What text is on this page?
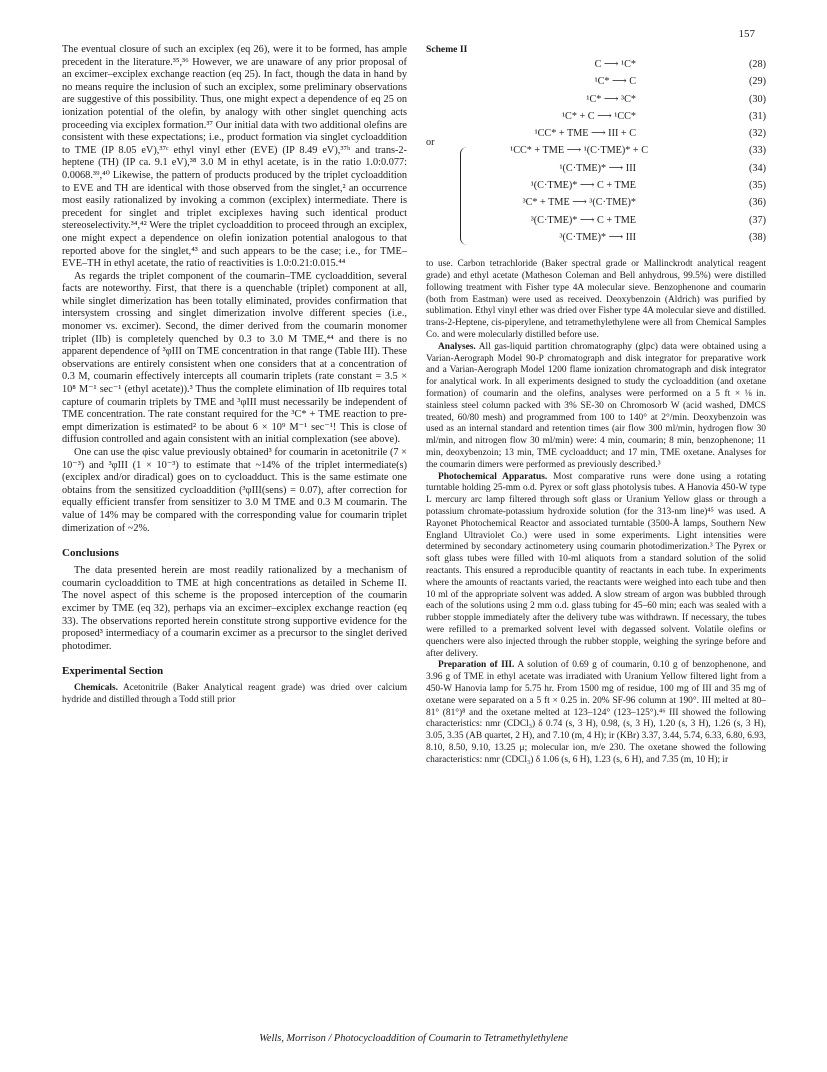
157

The eventual closure of such an exciplex (eq 26), were it to be formed, has ample precedent in the literature.³⁵,³⁶ However, we are unaware of any prior proposal of an excimer–exciplex exchange reaction (eq 25). In fact, though the data in hand by no means require the inclusion of such an exciplex, some preliminary observations are suggestive of this possibility. Thus, one might expect a dependence of eq 25 on ionization potential of the olefin, by analogy with other singlet quenching acts proceeding via exciplex formation.³⁷ Our initial data with two additional olefins are consistent with these expectations; i.e., product formation via singlet cycloaddition to TME (IP 8.05 eV),³⁷ᶜ ethyl vinyl ether (EVE) (IP 8.49 eV),³⁷ʰ and trans-2-heptene (TH) (IP ca. 9.1 eV),³⁸ 3.0 M in ethyl acetate, is in the ratio 1.0:0.077: 0.0068.³⁹,⁴⁰ Likewise, the pattern of products produced by the triplet cycloaddition to EVE and TH are identical with those observed from the singlet,² an occurrence most easily rationalized by invoking a common (exciplex) intermediate. There is precedent for singlet and triplet exciplexes having such identical product stereoselectivity.³⁴,⁴² Were the triplet cycloaddition to proceed through an exciplex, one might expect a dependence on olefin ionization potential analogous to that reported above for the singlet,⁴³ and such appears to be the case; i.e., for TME–EVE–TH in ethyl acetate, the ratio of reactivities is 1.0:0.21:0.015.⁴⁴

As regards the triplet component of the coumarin–TME cycloaddition, several facts are noteworthy. First, that there is a quenchable (triplet) component at all, while singlet dimerization has been totally eliminated, provides confirmation that intersystem crossing and singlet dimerization involve different species (i.e., monomer vs. excimer). Second, the dimer derived from the coumarin monomer triplet (IIb) is completely quenched by 0.3 to 3.0 M TME,⁴⁴ and there is no apparent dependence of ³φIII on TME concentration in that range (Table III). These observations are entirely consistent when one considers that at a concentration of 0.3 M, coumarin effectively intercepts all coumarin triplets (rate constant = 3.5 × 10⁸ M⁻¹ sec⁻¹ (ethyl acetate)).³ Thus the complete elimination of IIb requires total capture of coumarin triplets by TME and ³φIII must necessarily be independent of TME concentration. The rate constant required for the ³C* + TME reaction to pre-empt dimerization is estimated² to be about 6 × 10⁹ M⁻¹ sec⁻¹! This is close of diffusion controlled and again consistent with an initial complexation (see above).

One can use the φisc value previously obtained³ for coumarin in acetonitrile (7 × 10⁻³) and ³φIII (1 × 10⁻³) to estimate that ~14% of the triplet intermediate(s) (exciplex and/or diradical) goes on to cycloadduct. This is the same estimate one obtains from the sensitized cycloaddition (³φIII(sens) = 0.07), after correction for equally efficient transfer from sensitizer to 3.0 M TME and 0.3 M coumarin. The value of 14% may be compared with the corresponding value for coumarin triplet dimerization of ~2%.

Conclusions

The data presented herein are most readily rationalized by a mechanism of coumarin cycloaddition to TME at high concentrations as detailed in Scheme II. The novel aspect of this scheme is the proposed interception of the coumarin excimer by TME (eq 32), perhaps via an excimer–exciplex exchange reaction (eq 33). The observations reported herein constitute strong supportive evidence for the proposed³ intermediacy of a coumarin excimer as a precursor to the singlet derived photodimer.

Experimental Section

Chemicals. Acetonitrile (Baker Analytical reagent grade) was dried over calcium hydride and distilled through a Todd still prior

Scheme II
C ⟶ ¹C*	(28)
¹C* ⟶ C	(29)
¹C* ⟶ ³C*	(30)
¹C* + C ⟶ ¹CC*	(31)
¹CC* + TME ⟶ III + C	(32)
or
¹CC* + TME ⟶ ¹(C·TME)* + C	(33)
¹(C·TME)* ⟶ III	(34)
¹(C·TME)* ⟶ C + TME	(35)
³C* + TME ⟶ ³(C·TME)*	(36)
³(C·TME)* ⟶ C + TME	(37)
³(C·TME)* ⟶ III	(38)

to use. Carbon tetrachloride (Baker spectral grade or Mallinckrodt analytical reagent grade) and ethyl acetate (Matheson Coleman and Bell anhydrous, 99.5%) were distilled following treatment with Fisher type 4A molecular sieve. Benzophenone and coumarin (both from Eastman) were used as received. Deoxybenzoin (Aldrich) was purified by sublimation. Ethyl vinyl ether was dried over Fisher type 4A molecular sieve and distilled. trans-2-Heptene, cis-piperylene, and tetramethylethylene were all from Chemical Samples Co. and were molecularly distilled before use.

Analyses. All gas-liquid partition chromatography (glpc) data were obtained using a Varian-Aerograph Model 90-P chromatograph and disk integrator for preparative work and a Varian-Aerograph Model 1200 flame ionization chromatograph and disk integrator for analytical work. In all experiments designed to study the cycloaddition (and oxetane formation) of coumarin and the olefins, analyses were performed on a 5 ft × ⅛ in. stainless steel column packed with 3% SE-30 on Chromosorb W (acid washed, DMCS treated, 60/80 mesh) and programmed from 100 to 140° at 2°/min. Deoxybenzoin was used as an internal standard and retention times (air flow 300 ml/min, hydrogen flow 30 ml/min, and nitrogen flow 30 ml/min) were: 4 min, coumarin; 8 min, benzophenone; 11 min, deoxybenzoin; 13 min, TME cycloadduct; and 17 min, TME oxetane. Analyses for the coumarin dimers were performed as previously described.³

Photochemical Apparatus. Most comparative runs were done using a rotating turntable holding 25-mm o.d. Pyrex or soft glass photolysis tubes. A Hanovia 450-W type L mercury arc lamp filtered through soft glass or Uranium Yellow glass or through a potassium chromate-potassium hydroxide solution (for the 313-nm line)⁴⁵ was used. A Rayonet Photochemical Reactor and associated turntable (3500-Å lamps, Southern New England Ultraviolet Co.) were used in some experiments. Light intensities were determined by secondary actinometery using coumarin photodimerization.³ The Pyrex or soft glass tubes were filled with 10-ml aliquots from a standard solution of the solid reactants. This ensured a reproducible quantity of reactants in each tube. In experiments where the amounts of reactants varied, the reactants were weighed into each tube and then 10 ml of the appropriate solvent was added. A slow stream of argon was bubbled through each of the solutions using 2 mm o.d. glass tubing for 45–60 min; each was sealed with a rubber stopple immediately after the delivery tube was withdrawn. If necessary, the tubes were refilled to a premarked solvent level with degassed solvent. Volatile olefins or quenchers were also injected through the rubber stopple, weighing the syringe before and after delivery.

Preparation of III. A solution of 0.69 g of coumarin, 0.10 g of benzophenone, and 3.96 g of TME in ethyl acetate was irradiated with Uranium Yellow filtered light from a 450-W Hanovia lamp for 5.75 hr. From 1500 mg of residue, 100 mg of III and 35 mg of oxetane were separated on a 5 ft × 0.25 in. 20% SF-96 column at 190°. III melted at 80–81° (81°)⁸ and the oxetane melted at 123–124° (123–125°).⁴⁶ III showed the following characteristics: nmr (CDCl₃) δ 0.74 (s, 3 H), 0.98, (s, 3 H), 1.20 (s, 3 H), 1.26 (s, 3 H), 3.05, 3.35 (AB quartet, 2 H), and 7.10 (m, 4 H); ir (KBr) 3.37, 3.44, 5.74, 6.33, 6.80, 6.93, 8.10, 8.50, 9.10, 13.25 μ; molecular ion, m/e 230. The oxetane showed the following characteristics: nmr (CDCl₃) δ 1.06 (s, 6 H), 1.23 (s, 6 H), and 7.35 (m, 10 H); ir

Wells, Morrison / Photocycloaddition of Coumarin to Tetramethylethylene
